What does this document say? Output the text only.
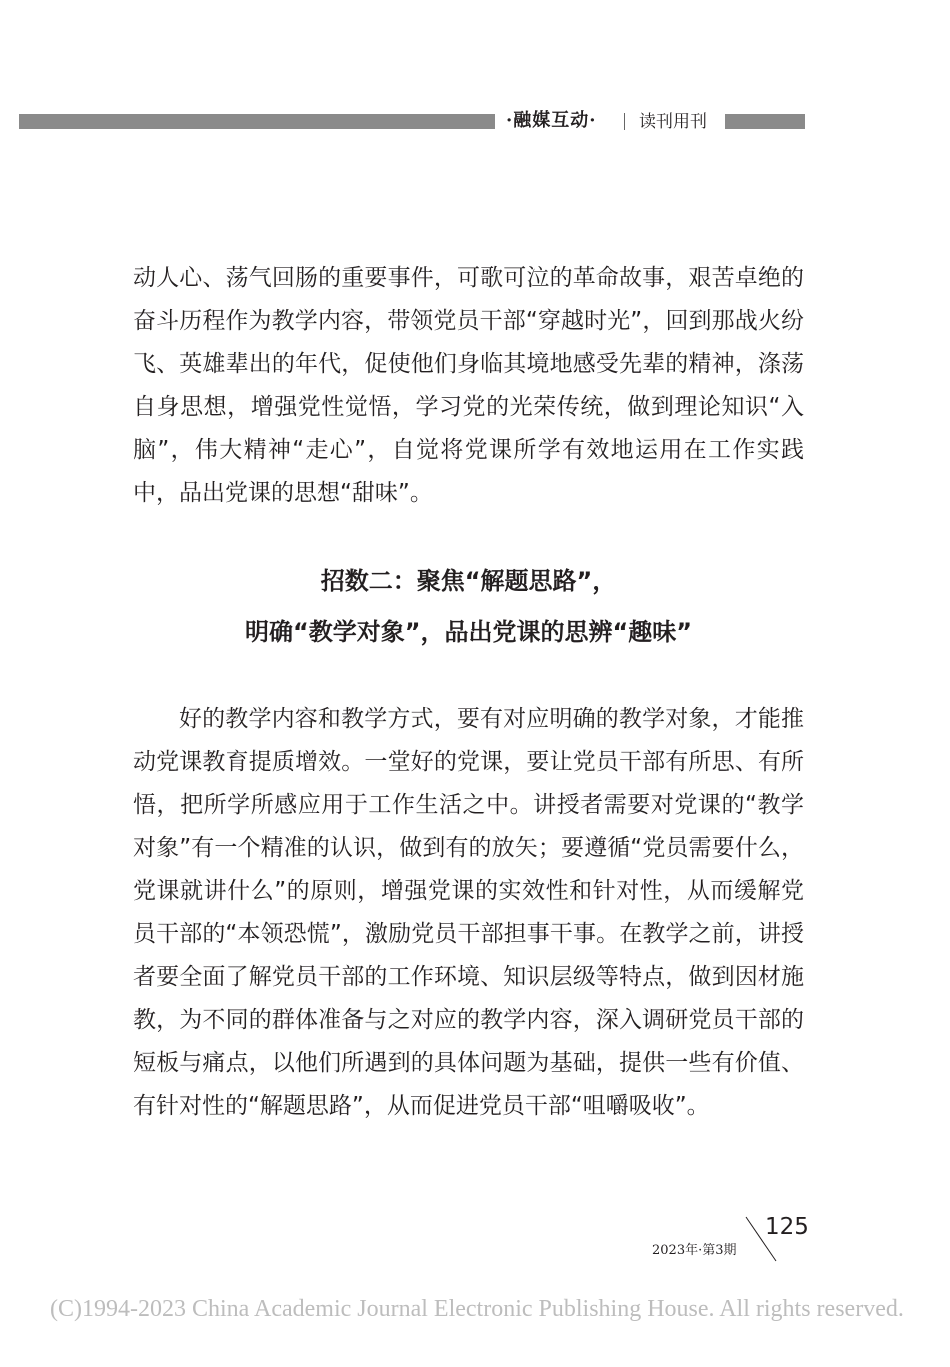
·融媒互动· 读刊用刊

动人心、荡气回肠的重要事件，可歌可泣的革命故事，艰苦卓绝的奋斗历程作为教学内容，带领党员干部“穿越时光”，回到那战火纷飞、英雄辈出的年代，促使他们身临其境地感受先辈的精神，涤荡自身思想，增强党性觉悟，学习党的光荣传统，做到理论知识“入脑”，伟大精神“走心”，自觉将党课所学有效地运用在工作实践中，品出党课的思想“甜味”。

招数二：聚焦“解题思路”，
明确“教学对象”，品出党课的思辨“趣味”

好的教学内容和教学方式，要有对应明确的教学对象，才能推动党课教育提质增效。一堂好的党课，要让党员干部有所思、有所悟，把所学所感应用于工作生活之中。讲授者需要对党课的“教学对象”有一个精准的认识，做到有的放矢；要遵循“党员需要什么，党课就讲什么”的原则，增强党课的实效性和针对性，从而缓解党员干部的“本领恐慌”，激励党员干部担事干事。在教学之前，讲授者要全面了解党员干部的工作环境、知识层级等特点，做到因材施教，为不同的群体准备与之对应的教学内容，深入调研党员干部的短板与痛点，以他们所遇到的具体问题为基础，提供一些有价值、有针对性的“解题思路”，从而促进党员干部“咀嚼吸收”。

125
2023年·第3期
(C)1994-2023 China Academic Journal Electronic Publishing House. All rights reserved.
